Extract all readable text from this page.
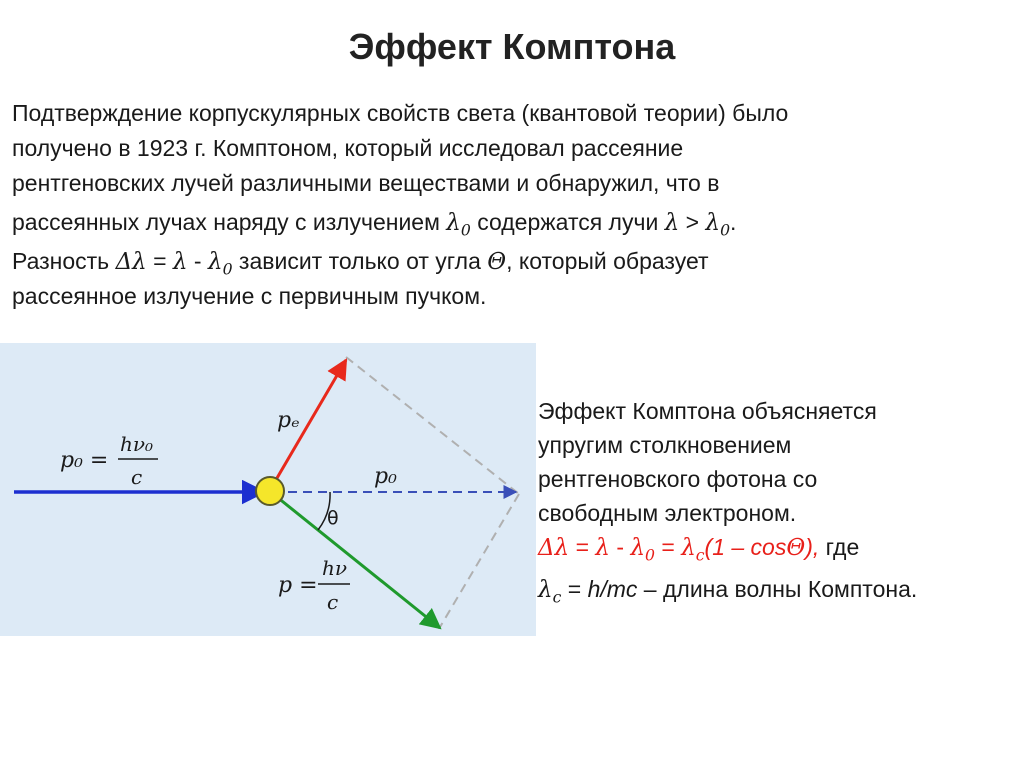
Эффект Комптона
Подтверждение корпускулярных свойств света (квантовой теории) было
получено в 1923 г. Комптоном, который исследовал рассеяние
рентгеновских лучей различными веществами и обнаружил, что в
рассеянных лучах наряду с излучением $\lambda_0$ содержатся лучи $\lambda > \lambda_0$.
Разность $\Delta\lambda = \lambda - \lambda_0$ зависит только от угла Θ, который образует
рассеянное излучение с первичным пучком.
p₀ =
hν₀
c
pₑ
p₀
θ
p =
hν
c
Эффект Комптона объясняется
упругим столкновением
рентгеновского фотона со
свободным электроном.
$\Delta\lambda = \lambda - \lambda_0 = \lambda_c(1 - \cos\Theta)$, где
$\lambda_c = h/mc$ – длина волны Комптона.
